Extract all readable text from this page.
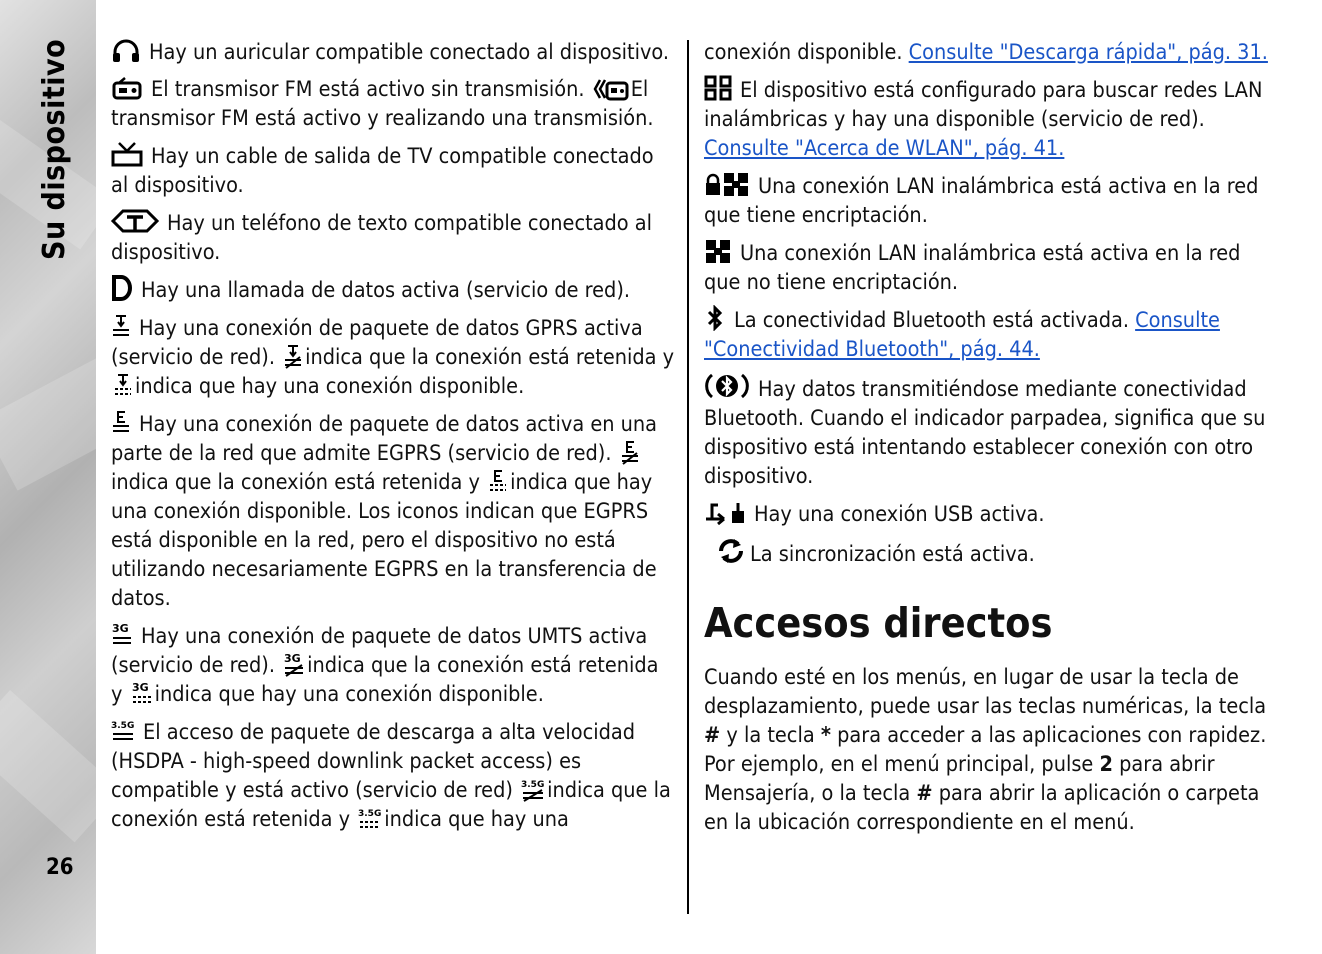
Su dispositivo
26

Hay un auricular compatible conectado al dispositivo.

El transmisor FM está activo sin transmisión. El transmisor FM está activo y realizando una transmisión.

Hay un cable de salida de TV compatible conectado al dispositivo.

Hay un teléfono de texto compatible conectado al dispositivo.

Hay una llamada de datos activa (servicio de red).

Hay una conexión de paquete de datos GPRS activa (servicio de red). indica que la conexión está retenida y
indica que hay una conexión disponible.

Hay una conexión de paquete de datos activa en una parte de la red que admite EGPRS (servicio de red).
indica que la conexión está retenida y indica que hay una conexión disponible. Los iconos indican que EGPRS está disponible en la red, pero el dispositivo no está utilizando necesariamente EGPRS en la transferencia de datos.

3G Hay una conexión de paquete de datos UMTS activa (servicio de red). 3G indica que la conexión está retenida y 3G indica que hay una conexión disponible.

3.5G El acceso de paquete de descarga a alta velocidad (HSDPA - high-speed downlink packet access) es compatible y está activo (servicio de red) 3.5G indica que la conexión está retenida y 3.5G indica que hay una

conexión disponible. Consulte "Descarga rápida", pág. 31.

El dispositivo está configurado para buscar redes LAN inalámbricas y hay una disponible (servicio de red). Consulte "Acerca de WLAN", pág. 41.

Una conexión LAN inalámbrica está activa en la red que tiene encriptación.

Una conexión LAN inalámbrica está activa en la red que no tiene encriptación.

La conectividad Bluetooth está activada. Consulte "Conectividad Bluetooth", pág. 44.

Hay datos transmitiéndose mediante conectividad Bluetooth. Cuando el indicador parpadea, significa que su dispositivo está intentando establecer conexión con otro dispositivo.

Hay una conexión USB activa.

La sincronización está activa.

Accesos directos

Cuando esté en los menús, en lugar de usar la tecla de desplazamiento, puede usar las teclas numéricas, la tecla # y la tecla * para acceder a las aplicaciones con rapidez. Por ejemplo, en el menú principal, pulse 2 para abrir Mensajería, o la tecla # para abrir la aplicación o carpeta en la ubicación correspondiente en el menú.
